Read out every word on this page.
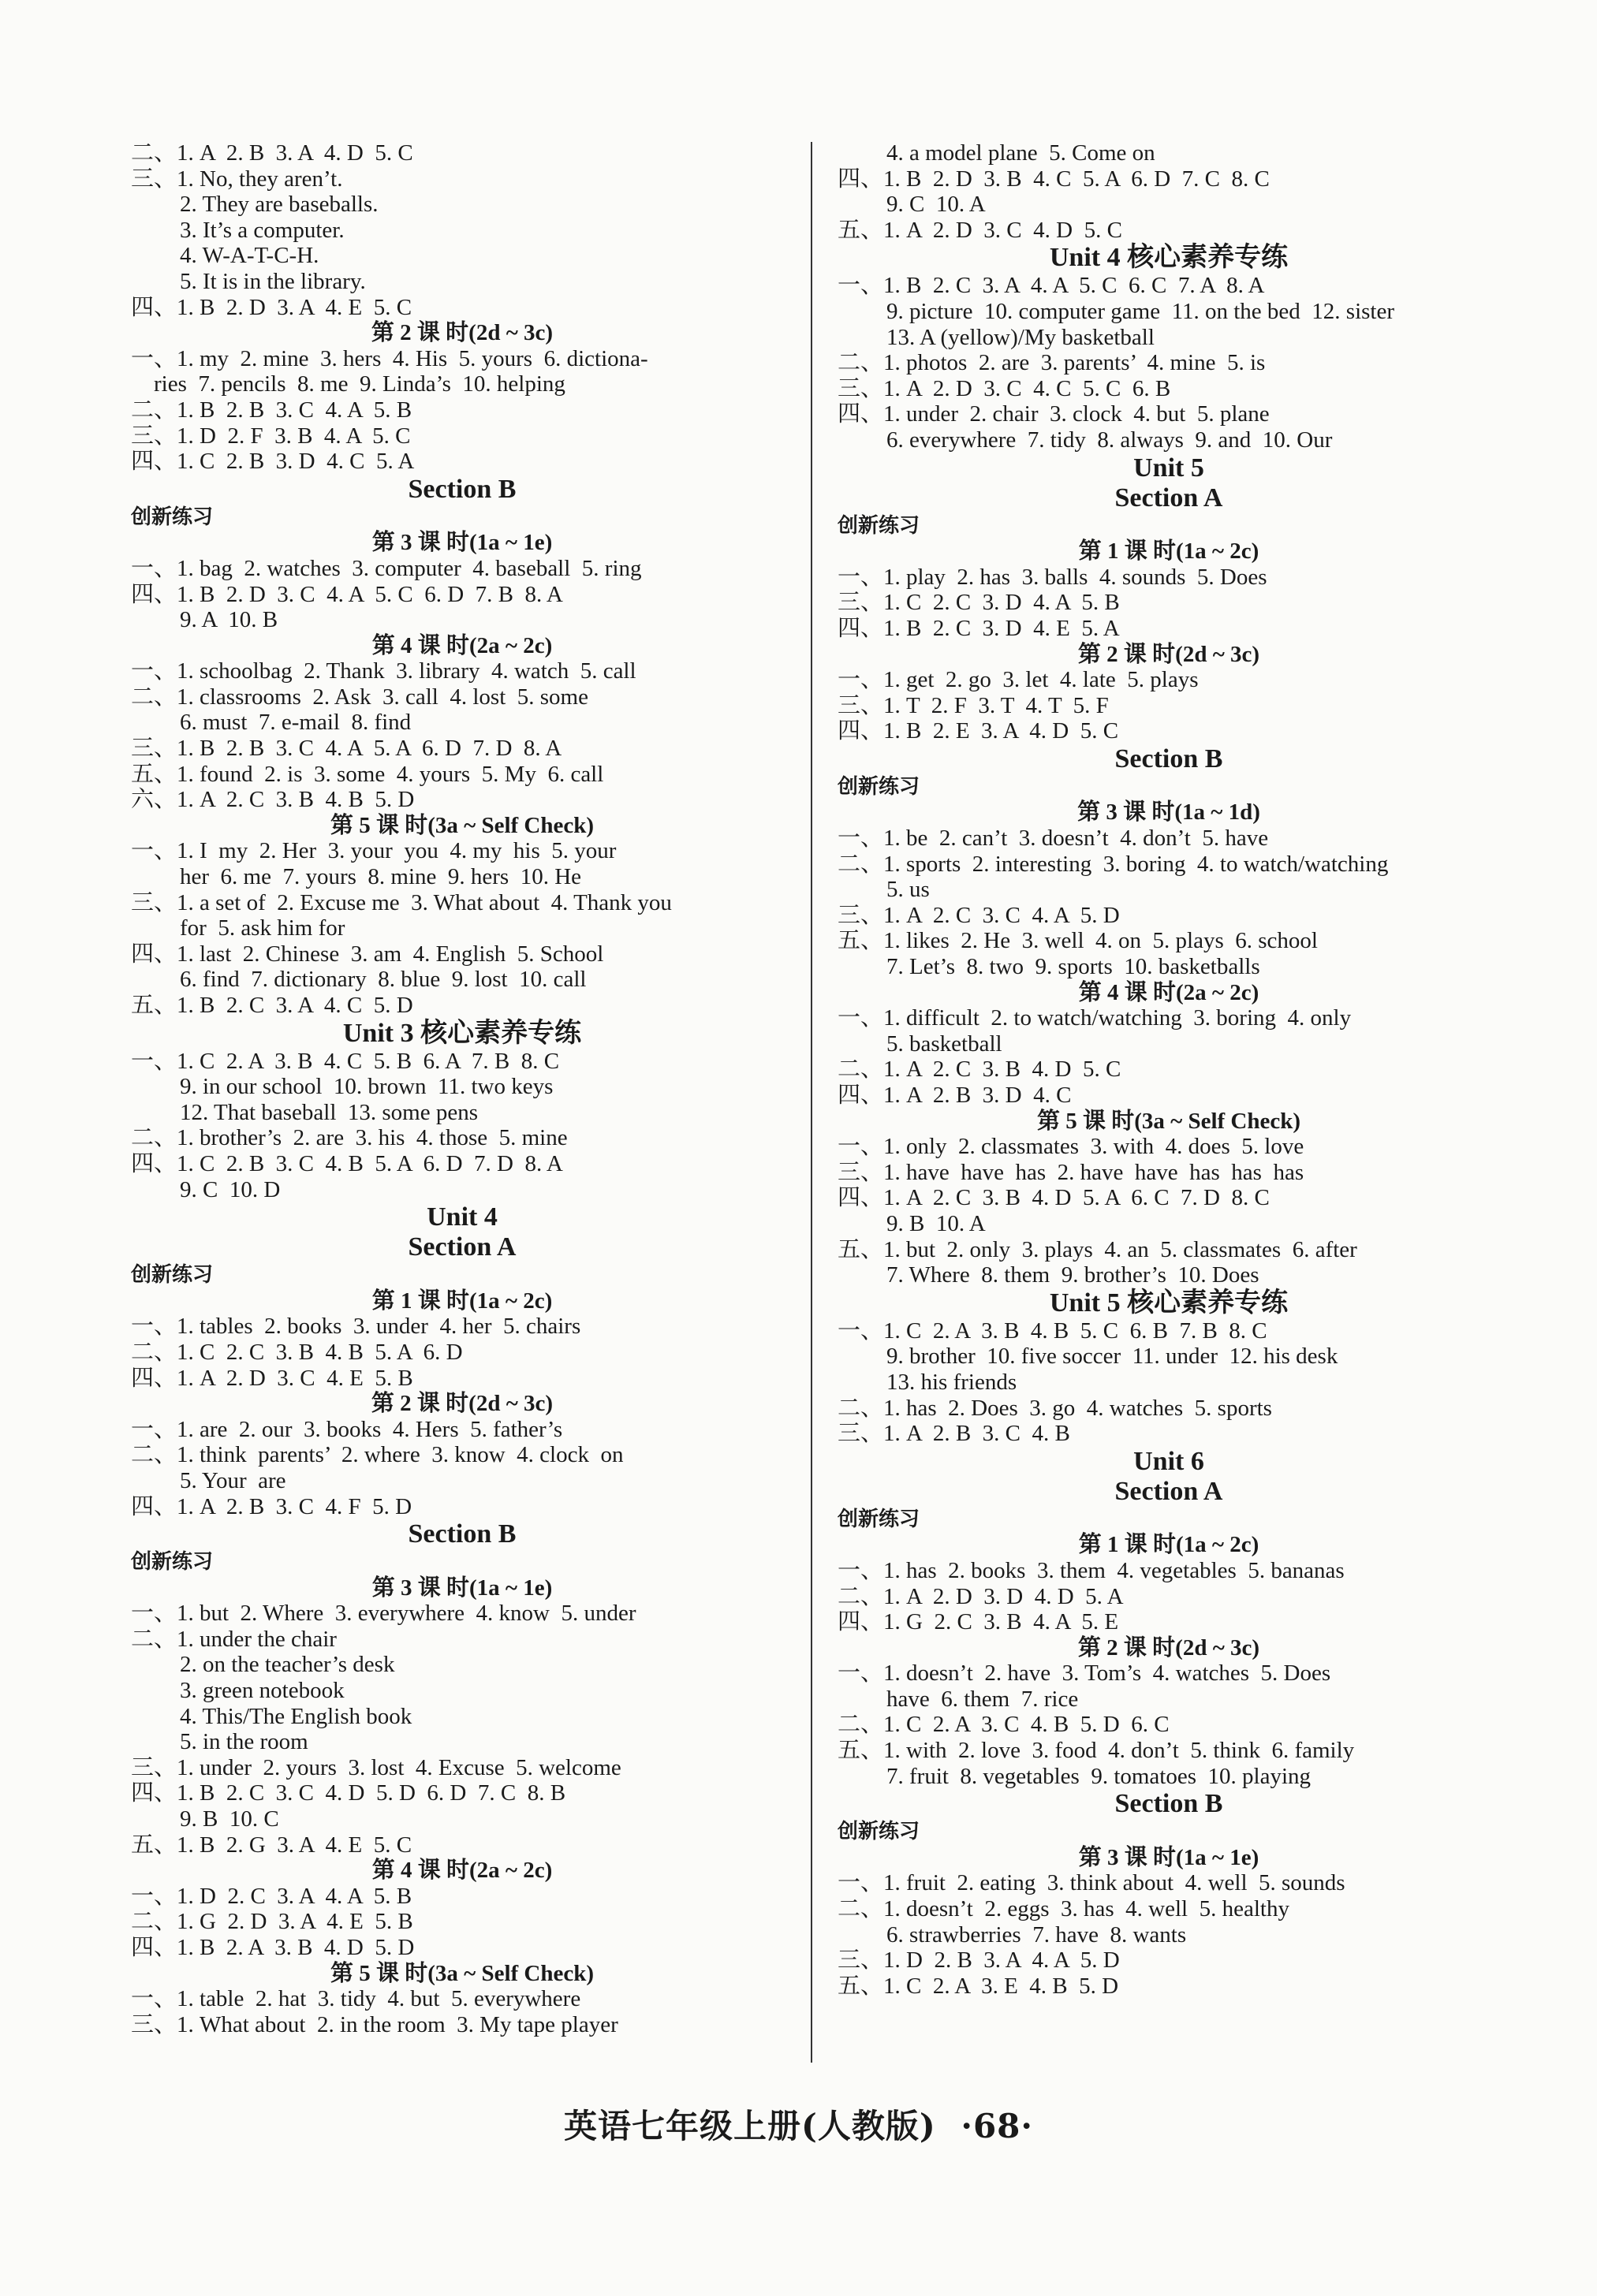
二、1. A  2. B  3. A  4. D  5. C
三、1. No, they aren’t.
2. They are baseballs.
3. It’s a computer.
4. W-A-T-C-H.
5. It is in the library.
四、1. B  2. D  3. A  4. E  5. C
第 2 课 时(2d ~ 3c)
一、1. my  2. mine  3. hers  4. His  5. yours  6. dictiona-
ries  7. pencils  8. me  9. Linda’s  10. helping
二、1. B  2. B  3. C  4. A  5. B
三、1. D  2. F  3. B  4. A  5. C
四、1. C  2. B  3. D  4. C  5. A
Section B
创新练习
第 3 课 时(1a ~ 1e)
一、1. bag  2. watches  3. computer  4. baseball  5. ring
四、1. B  2. D  3. C  4. A  5. C  6. D  7. B  8. A
9. A  10. B
第 4 课 时(2a ~ 2c)
一、1. schoolbag  2. Thank  3. library  4. watch  5. call
二、1. classrooms  2. Ask  3. call  4. lost  5. some
6. must  7. e-mail  8. find
三、1. B  2. B  3. C  4. A  5. A  6. D  7. D  8. A
五、1. found  2. is  3. some  4. yours  5. My  6. call
六、1. A  2. C  3. B  4. B  5. D
第 5 课 时(3a ~ Self Check)
一、1. I  my  2. Her  3. your  you  4. my  his  5. your
her  6. me  7. yours  8. mine  9. hers  10. He
三、1. a set of  2. Excuse me  3. What about  4. Thank you
for  5. ask him for
四、1. last  2. Chinese  3. am  4. English  5. School
6. find  7. dictionary  8. blue  9. lost  10. call
五、1. B  2. C  3. A  4. C  5. D
Unit 3 核心素养专练
一、1. C  2. A  3. B  4. C  5. B  6. A  7. B  8. C
9. in our school  10. brown  11. two keys
12. That baseball  13. some pens
二、1. brother’s  2. are  3. his  4. those  5. mine
四、1. C  2. B  3. C  4. B  5. A  6. D  7. D  8. A
9. C  10. D
Unit 4
Section A
创新练习
第 1 课 时(1a ~ 2c)
一、1. tables  2. books  3. under  4. her  5. chairs
二、1. C  2. C  3. B  4. B  5. A  6. D
四、1. A  2. D  3. C  4. E  5. B
第 2 课 时(2d ~ 3c)
一、1. are  2. our  3. books  4. Hers  5. father’s
二、1. think  parents’  2. where  3. know  4. clock  on
5. Your  are
四、1. A  2. B  3. C  4. F  5. D
Section B
创新练习
第 3 课 时(1a ~ 1e)
一、1. but  2. Where  3. everywhere  4. know  5. under
二、1. under the chair
2. on the teacher’s desk
3. green notebook
4. This/The English book
5. in the room
三、1. under  2. yours  3. lost  4. Excuse  5. welcome
四、1. B  2. C  3. C  4. D  5. D  6. D  7. C  8. B
9. B  10. C
五、1. B  2. G  3. A  4. E  5. C
第 4 课 时(2a ~ 2c)
一、1. D  2. C  3. A  4. A  5. B
二、1. G  2. D  3. A  4. E  5. B
四、1. B  2. A  3. B  4. D  5. D
第 5 课 时(3a ~ Self Check)
一、1. table  2. hat  3. tidy  4. but  5. everywhere
三、1. What about  2. in the room  3. My tape player
4. a model plane  5. Come on
四、1. B  2. D  3. B  4. C  5. A  6. D  7. C  8. C
9. C  10. A
五、1. A  2. D  3. C  4. D  5. C
Unit 4 核心素养专练
一、1. B  2. C  3. A  4. A  5. C  6. C  7. A  8. A
9. picture  10. computer game  11. on the bed  12. sister
13. A (yellow)/My basketball
二、1. photos  2. are  3. parents’  4. mine  5. is
三、1. A  2. D  3. C  4. C  5. C  6. B
四、1. under  2. chair  3. clock  4. but  5. plane
6. everywhere  7. tidy  8. always  9. and  10. Our
Unit 5
Section A
创新练习
第 1 课 时(1a ~ 2c)
一、1. play  2. has  3. balls  4. sounds  5. Does
三、1. C  2. C  3. D  4. A  5. B
四、1. B  2. C  3. D  4. E  5. A
第 2 课 时(2d ~ 3c)
一、1. get  2. go  3. let  4. late  5. plays
三、1. T  2. F  3. T  4. T  5. F
四、1. B  2. E  3. A  4. D  5. C
Section B
创新练习
第 3 课 时(1a ~ 1d)
一、1. be  2. can’t  3. doesn’t  4. don’t  5. have
二、1. sports  2. interesting  3. boring  4. to watch/watching
5. us
三、1. A  2. C  3. C  4. A  5. D
五、1. likes  2. He  3. well  4. on  5. plays  6. school
7. Let’s  8. two  9. sports  10. basketballs
第 4 课 时(2a ~ 2c)
一、1. difficult  2. to watch/watching  3. boring  4. only
5. basketball
二、1. A  2. C  3. B  4. D  5. C
四、1. A  2. B  3. D  4. C
第 5 课 时(3a ~ Self Check)
一、1. only  2. classmates  3. with  4. does  5. love
三、1. have  have  has  2. have  have  has  has  has
四、1. A  2. C  3. B  4. D  5. A  6. C  7. D  8. C
9. B  10. A
五、1. but  2. only  3. plays  4. an  5. classmates  6. after
7. Where  8. them  9. brother’s  10. Does
Unit 5 核心素养专练
一、1. C  2. A  3. B  4. B  5. C  6. B  7. B  8. C
9. brother  10. five soccer  11. under  12. his desk
13. his friends
二、1. has  2. Does  3. go  4. watches  5. sports
三、1. A  2. B  3. C  4. B
Unit 6
Section A
创新练习
第 1 课 时(1a ~ 2c)
一、1. has  2. books  3. them  4. vegetables  5. bananas
二、1. A  2. D  3. D  4. D  5. A
四、1. G  2. C  3. B  4. A  5. E
第 2 课 时(2d ~ 3c)
一、1. doesn’t  2. have  3. Tom’s  4. watches  5. Does
have  6. them  7. rice
二、1. C  2. A  3. C  4. B  5. D  6. C
五、1. with  2. love  3. food  4. don’t  5. think  6. family
7. fruit  8. vegetables  9. tomatoes  10. playing
Section B
创新练习
第 3 课 时(1a ~ 1e)
一、1. fruit  2. eating  3. think about  4. well  5. sounds
二、1. doesn’t  2. eggs  3. has  4. well  5. healthy
6. strawberries  7. have  8. wants
三、1. D  2. B  3. A  4. A  5. D
五、1. C  2. A  3. E  4. B  5. D
英语七年级上册(人教版) ·68·
